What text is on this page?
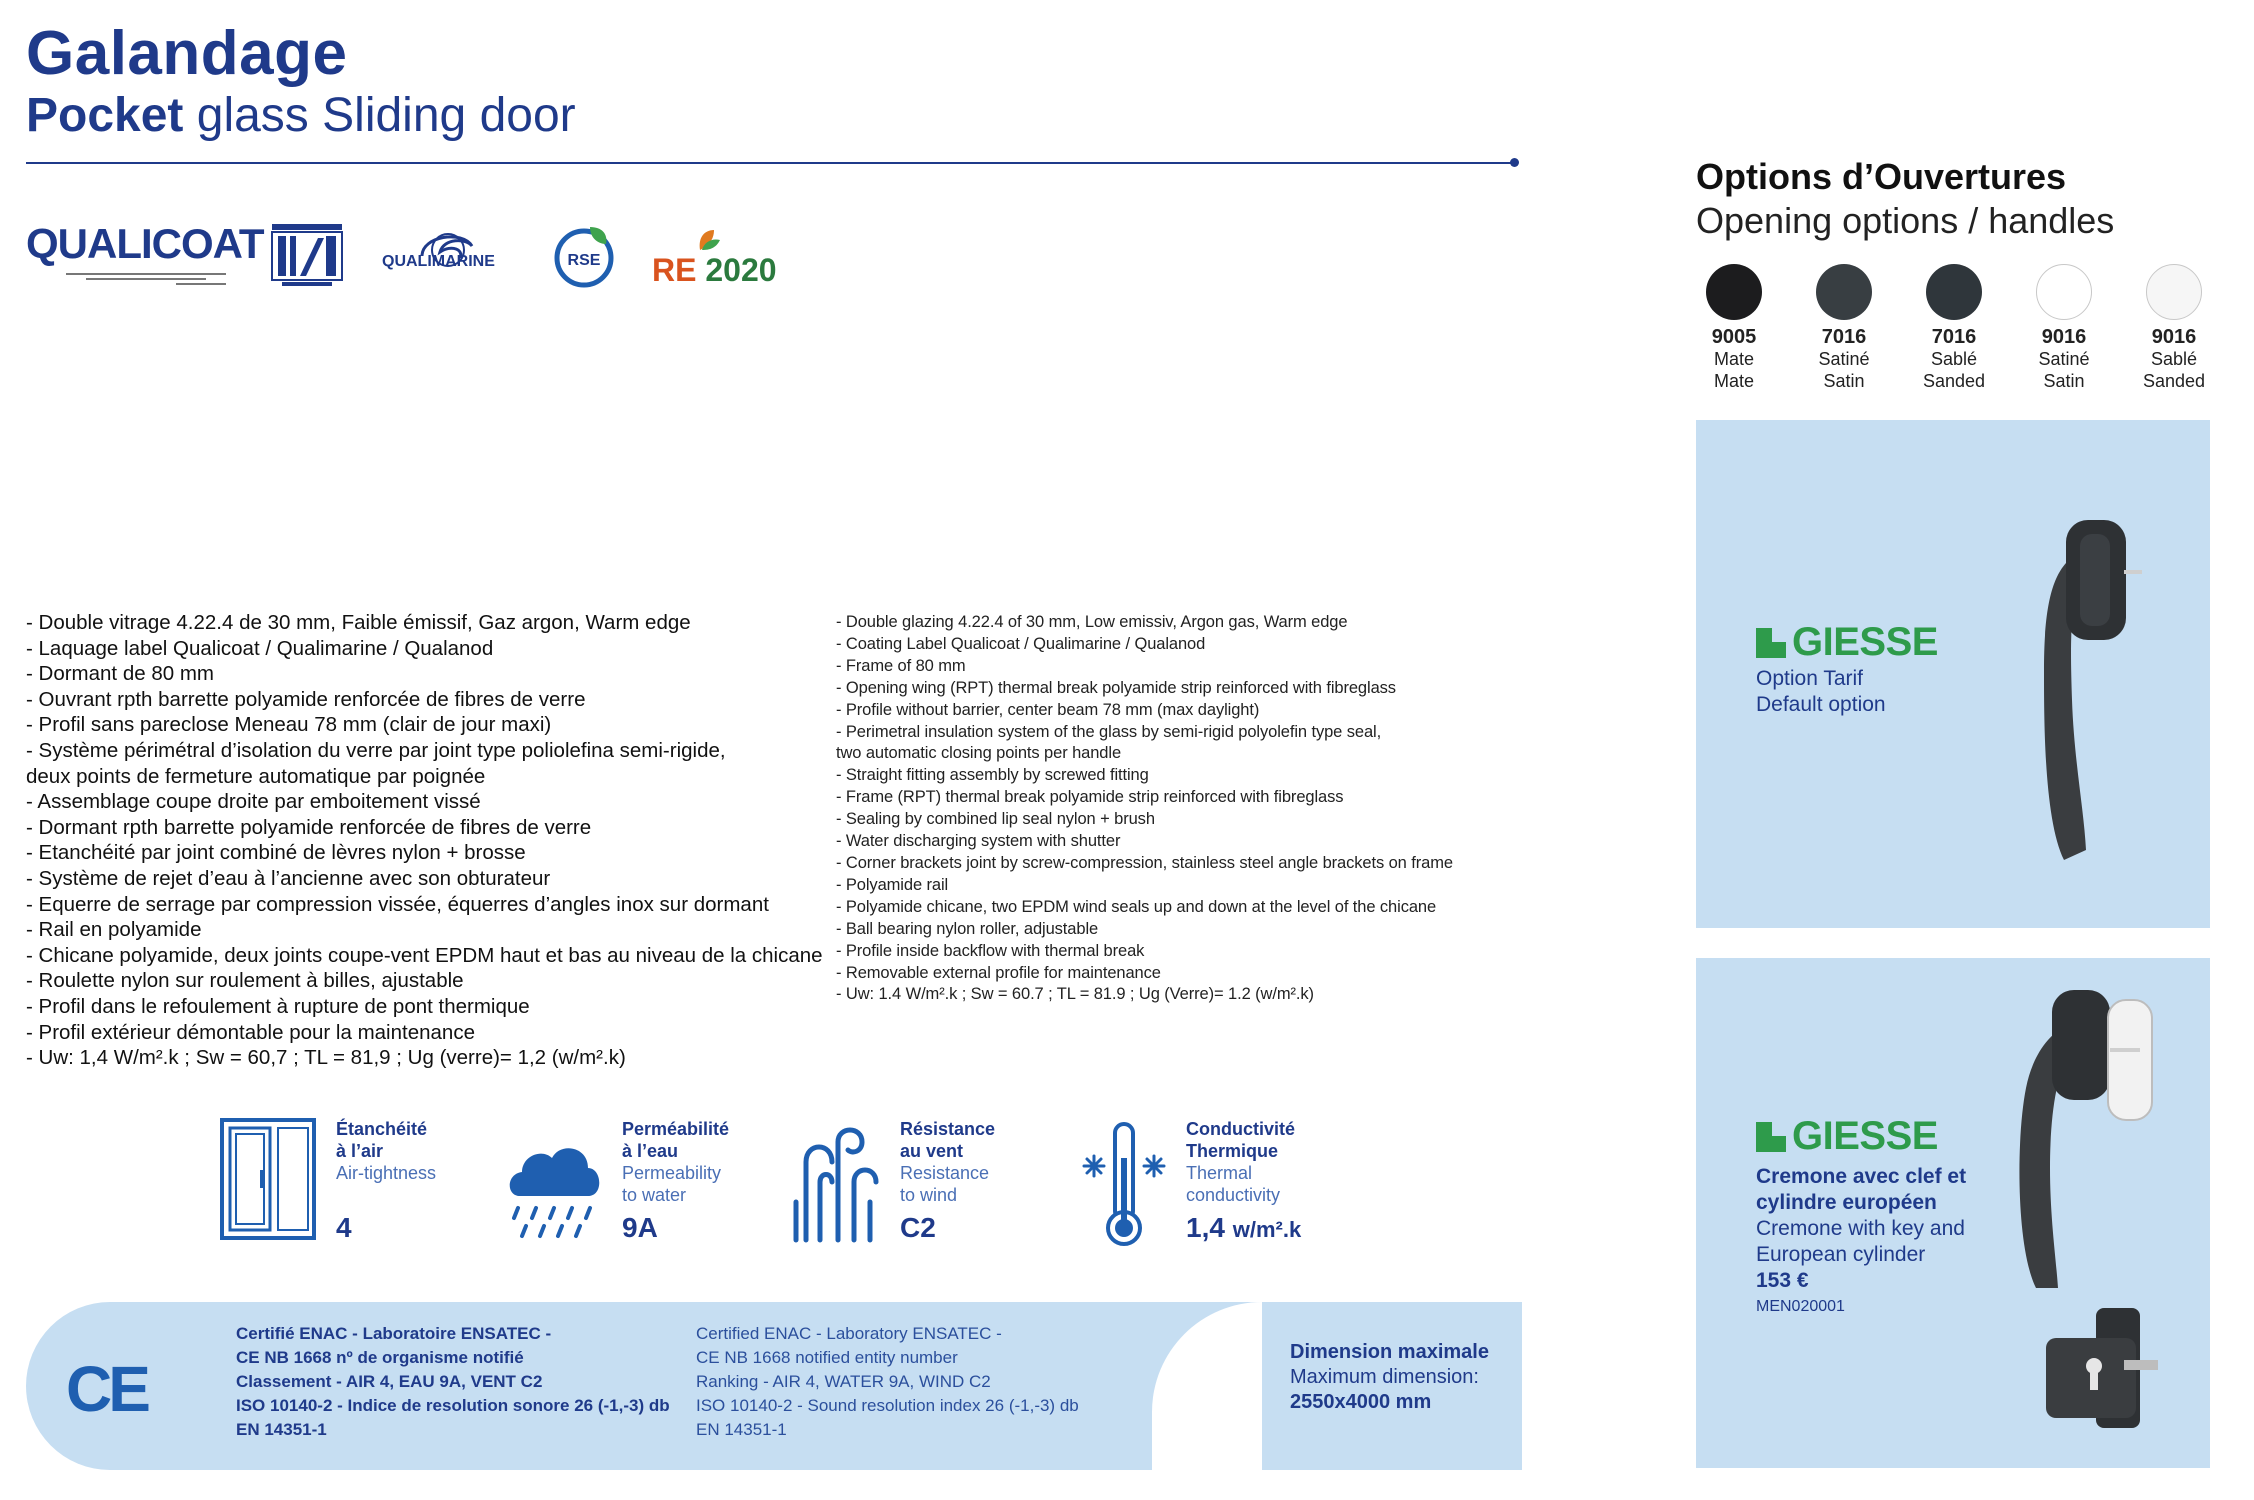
Galandage
Pocket glass Sliding door
QUALICOAT	QUALIMARINE	RSE RE 2020
- Double vitrage 4.22.4 de 30 mm, Faible émissif, Gaz argon, Warm edge
- Laquage label Qualicoat / Qualimarine / Qualanod
- Dormant de 80 mm
- Ouvrant rpth barrette polyamide renforcée de fibres de verre
- Profil sans pareclose Meneau 78 mm (clair de jour maxi)
- Système périmétral d’isolation du verre par joint type poliolefina semi-rigide,
deux points de fermeture automatique par poignée
- Assemblage coupe droite par emboitement vissé
- Dormant rpth barrette polyamide renforcée de fibres de verre
- Etanchéité par joint combiné de lèvres nylon + brosse
- Système de rejet d’eau à l’ancienne avec son obturateur
- Equerre de serrage par compression vissée, équerres d’angles inox sur dormant
- Rail en polyamide
- Chicane polyamide, deux joints coupe-vent EPDM haut et bas au niveau de la chicane
- Roulette nylon sur roulement à billes, ajustable
- Profil dans le refoulement à rupture de pont thermique
- Profil extérieur démontable pour la maintenance
- Uw: 1,4 W/m².k ; Sw = 60,7 ; TL = 81,9 ; Ug (verre)= 1,2 (w/m².k)
- Double glazing 4.22.4 of 30 mm, Low emissiv, Argon gas, Warm edge
- Coating Label Qualicoat / Qualimarine / Qualanod
- Frame of 80 mm
- Opening wing (RPT) thermal break polyamide strip reinforced with fibreglass
- Profile without barrier, center beam 78 mm (max daylight)
- Perimetral insulation system of the glass by semi-rigid polyolefin type seal,
two automatic closing points per handle
- Straight fitting assembly by screwed fitting
- Frame (RPT) thermal break polyamide strip reinforced with fibreglass
- Sealing by combined lip seal nylon + brush
- Water discharging system with shutter
- Corner brackets joint by screw-compression, stainless steel angle brackets on frame
- Polyamide rail
- Polyamide chicane, two EPDM wind seals up and down at the level of the chicane
- Ball bearing nylon roller, adjustable
- Profile inside backflow with thermal break
- Removable external profile for maintenance
- Uw: 1.4 W/m².k ; Sw = 60.7 ; TL = 81.9 ; Ug (Verre)= 1.2 (w/m².k)
Étanchéité
à l’air
Air-tightness
4
Perméabilité
à l’eau
Permeability
to water
9A
Résistance
au vent
Resistance
to wind
C2
Conductivité
Thermique
Thermal
conductivity
1,4 w/m².k
CE
Certifié ENAC - Laboratoire ENSATEC -
CE NB 1668 nº de organisme notifié
Classement - AIR 4, EAU 9A, VENT C2
ISO 10140-2 - Indice de resolution sonore 26 (-1,-3) db
EN 14351-1
Certified ENAC - Laboratory ENSATEC -
CE NB 1668 notified entity number
Ranking - AIR 4, WATER 9A, WIND C2
ISO 10140-2 - Sound resolution index 26 (-1,-3) db
EN 14351-1
Dimension maximale
Maximum dimension:
2550x4000 mm
Options d’Ouvertures
Opening options / handles
9005
Mate
Mate
7016
Satiné
Satin
7016
Sablé
Sanded
9016
Satiné
Satin
9016
Sablé
Sanded
GIESSE
Option Tarif
Default option
GIESSE
Cremone avec clef et
cylindre européen
Cremone with key and
European cylinder
153 €
MEN020001
